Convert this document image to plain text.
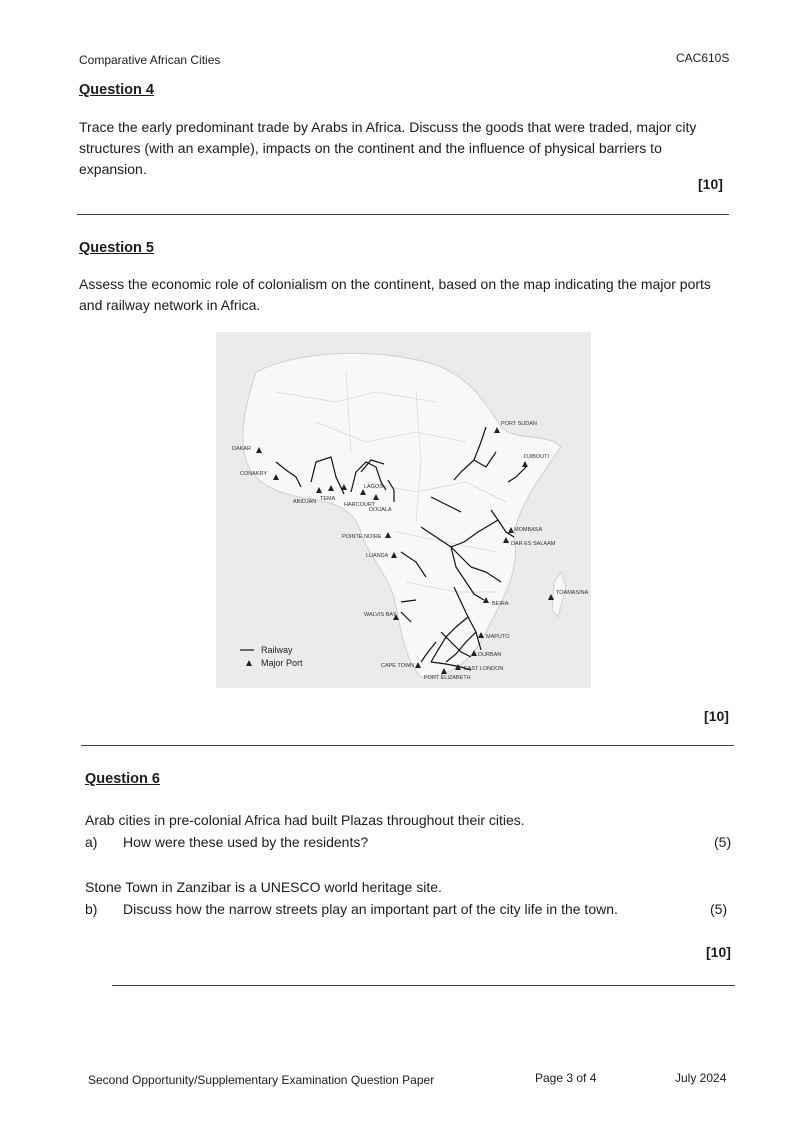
Comparative African Cities	CAC610S
Question 4
Trace the early predominant trade by Arabs in Africa. Discuss the goods that were traded, major city structures (with an example), impacts on the continent and the influence of physical barriers to expansion.
[10]
Question 5
Assess the economic role of colonialism on the continent, based on the map indicating the major ports and railway network in Africa.
PORT SUDAN
DJIBOUTI
DAKAR
CONAKRY
ABIDJAN TEMA
LAGOS
HARCOURT
DOUALA
POINTE NOIRE
LUANDA
MOMBASA
DAR ES SALAAM
TOAMASINA
BEIRA
WALVIS BAY
MAPUTO
DURBAN
CAPE TOWN	EAST LONDON
PORT ELIZABETH
Railway
Major Port
[10]
Question 6
Arab cities in pre-colonial Africa had built Plazas throughout their cities.
a) How were these used by the residents?	(5)
Stone Town in Zanzibar is a UNESCO world heritage site.
b) Discuss how the narrow streets play an important part of the city life in the town.	(5)
[10]
Second Opportunity/Supplementary Examination Question Paper	Page 3 of 4	July 2024
